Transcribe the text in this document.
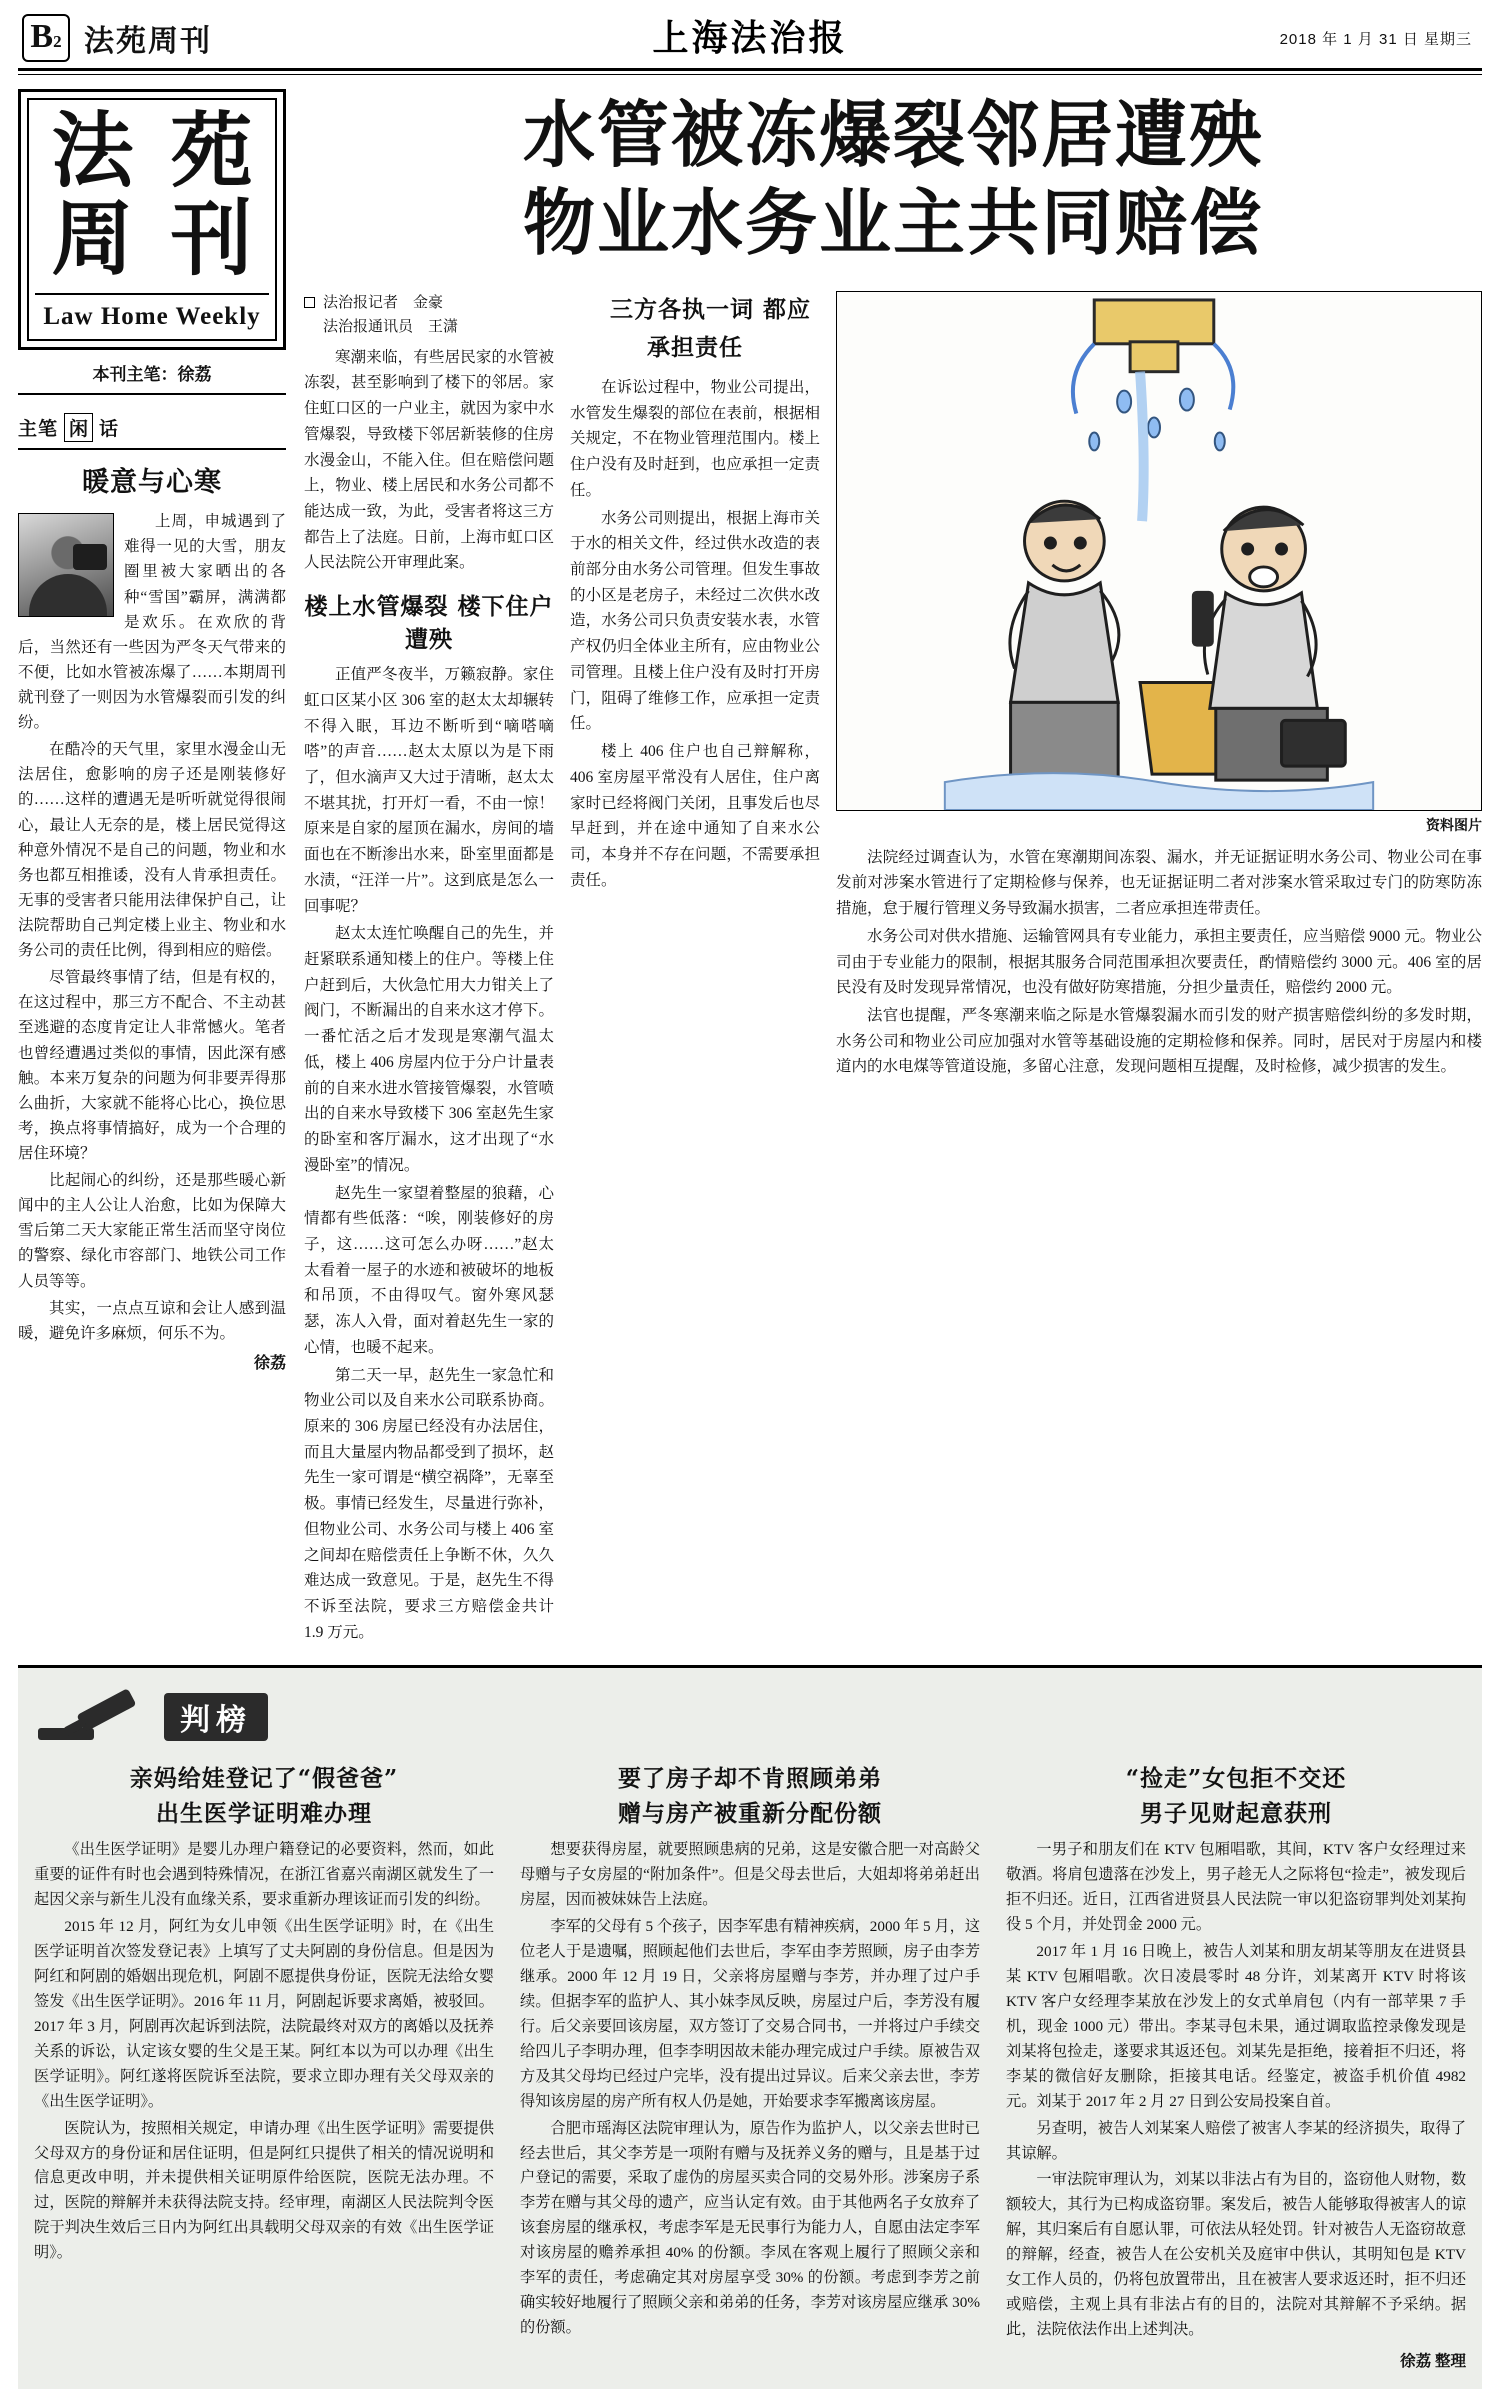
B 2 法苑周刊	上海法治报	2018 年 1 月 31 日 星期三
法 苑
周 刊
Law Home Weekly
本刊主笔：徐荔
主笔 闲 话
暖意与心寒

上周，申城遇到了难得一见的大雪，朋友圈里被大家晒出的各种“雪国”霸屏，满满都是欢乐。在欢欣的背后，当然还有一些因为严冬天气带来的不便，比如水管被冻爆了……本期周刊就刊登了一则因为水管爆裂而引发的纠纷。

在酷冷的天气里，家里水漫金山无法居住，愈影响的房子还是刚装修好的……这样的遭遇无是听听就觉得很闹心，最让人无奈的是，楼上居民觉得这种意外情况不是自己的问题，物业和水务也都互相推诿，没有人肯承担责任。无事的受害者只能用法律保护自己，让法院帮助自己判定楼上业主、物业和水务公司的责任比例，得到相应的赔偿。

尽管最终事情了结，但是有权的，在这过程中，那三方不配合、不主动甚至逃避的态度肯定让人非常憾火。笔者也曾经遭遇过类似的事情，因此深有感触。本来万复杂的问题为何非要弄得那么曲折，大家就不能将心比心，换位思考，换点将事情搞好，成为一个合理的居住环境？

比起闹心的纠纷，还是那些暖心新闻中的主人公让人治愈，比如为保障大雪后第二天大家能正常生活而坚守岗位的警察、绿化市容部门、地铁公司工作人员等等。

其实，一点点互谅和会让人感到温暖，避免许多麻烦，何乐不为。

徐荔
水管被冻爆裂邻居遭殃
物业水务业主共同赔偿
法治报记者　金豪
法治报通讯员　王潇
寒潮来临，有些居民家的水管被冻裂，甚至影响到了楼下的邻居。家住虹口区的一户业主，就因为家中水管爆裂，导致楼下邻居新装修的住房水漫金山，不能入住。但在赔偿问题上，物业、楼上居民和水务公司都不能达成一致，为此，受害者将这三方都告上了法庭。日前，上海市虹口区人民法院公开审理此案。
楼上水管爆裂 楼下住户遭殃

正值严冬夜半，万籁寂静。家住虹口区某小区 306 室的赵太太却辗转不得入眠，耳边不断听到“嘀嗒嘀嗒”的声音……赵太太原以为是下雨了，但水滴声又大过于清晰，赵太太不堪其扰，打开灯一看，不由一惊！原来是自家的屋顶在漏水，房间的墙面也在不断渗出水来，卧室里面都是水渍，“汪洋一片”。这到底是怎么一回事呢？

赵太太连忙唤醒自己的先生，并赶紧联系通知楼上的住户。等楼上住户赶到后，大伙急忙用大力钳关上了阀门，不断漏出的自来水这才停下。一番忙活之后才发现是寒潮气温太低，楼上 406 房屋内位于分户计量表前的自来水进水管接管爆裂，水管喷出的自来水导致楼下 306 室赵先生家的卧室和客厅漏水，这才出现了“水漫卧室”的情况。

赵先生一家望着整屋的狼藉，心情都有些低落：“唉，刚装修好的房子，这……这可怎么办呀……”赵太太看着一屋子的水迹和被破坏的地板和吊顶，不由得叹气。窗外寒风瑟瑟，冻人入骨，面对着赵先生一家的心情，也暖不起来。

第二天一早，赵先生一家急忙和物业公司以及自来水公司联系协商。原来的 306 房屋已经没有办法居住，而且大量屋内物品都受到了损坏，赵先生一家可谓是“横空祸降”，无辜至极。事情已经发生，尽量进行弥补，但物业公司、水务公司与楼上 406 室之间却在赔偿责任上争断不休，久久难达成一致意见。于是，赵先生不得不诉至法院，要求三方赔偿金共计 1.9 万元。

三方各执一词 都应承担责任

在诉讼过程中，物业公司提出，水管发生爆裂的部位在表前，根据相关规定，不在物业管理范围内。楼上住户没有及时赶到，也应承担一定责任。

水务公司则提出，根据上海市关于水的相关文件，经过供水改造的表前部分由水务公司管理。但发生事故的小区是老房子，未经过二次供水改造，水务公司只负责安装水表，水管产权仍归全体业主所有，应由物业公司管理。且楼上住户没有及时打开房门，阻碍了维修工作，应承担一定责任。

楼上 406 住户也自己辩解称，406 室房屋平常没有人居住，住户离家时已经将阀门关闭，且事发后也尽早赶到，并在途中通知了自来水公司，本身并不存在问题，不需要承担责任。

资料图片

法院经过调查认为，水管在寒潮期间冻裂、漏水，并无证据证明水务公司、物业公司在事发前对涉案水管进行了定期检修与保养，也无证据证明二者对涉案水管采取过专门的防寒防冻措施，怠于履行管理义务导致漏水损害，二者应承担连带责任。

水务公司对供水措施、运输管网具有专业能力，承担主要责任，应当赔偿 9000 元。物业公司由于专业能力的限制，根据其服务合同范围承担次要责任，酌情赔偿约 3000 元。406 室的居民没有及时发现异常情况，也没有做好防寒措施，分担少量责任，赔偿约 2000 元。

法官也提醒，严冬寒潮来临之际是水管爆裂漏水而引发的财产损害赔偿纠纷的多发时期，水务公司和物业公司应加强对水管等基础设施的定期检修和保养。同时，居民对于房屋内和楼道内的水电煤等管道设施，多留心注意，发现问题相互提醒，及时检修，减少损害的发生。

判榜
亲妈给娃登记了“假爸爸”
出生医学证明难办理

《出生医学证明》是婴儿办理户籍登记的必要资料，然而，如此重要的证件有时也会遇到特殊情况，在浙江省嘉兴南湖区就发生了一起因父亲与新生儿没有血缘关系，要求重新办理该证而引发的纠纷。

2015 年 12 月，阿红为女儿申领《出生医学证明》时，在《出生医学证明首次签发登记表》上填写了丈夫阿剧的身份信息。但是因为阿红和阿剧的婚姻出现危机，阿剧不愿提供身份证，医院无法给女婴签发《出生医学证明》。2016 年 11 月，阿剧起诉要求离婚，被驳回。2017 年 3 月，阿剧再次起诉到法院，法院最终对双方的离婚以及抚养关系的诉讼，认定该女婴的生父是王某。阿红本以为可以办理《出生医学证明》。阿红遂将医院诉至法院，要求立即办理有关父母双亲的《出生医学证明》。

医院认为，按照相关规定，申请办理《出生医学证明》需要提供父母双方的身份证和居住证明，但是阿红只提供了相关的情况说明和信息更改申明，并未提供相关证明原件给医院，医院无法办理。不过，医院的辩解并未获得法院支持。经审理，南湖区人民法院判令医院于判决生效后三日内为阿红出具载明父母双亲的有效《出生医学证明》。

要了房子却不肯照顾弟弟
赠与房产被重新分配份额

想要获得房屋，就要照顾患病的兄弟，这是安徽合肥一对高龄父母赠与子女房屋的“附加条件”。但是父母去世后，大姐却将弟弟赶出房屋，因而被妹妹告上法庭。

李军的父母有 5 个孩子，因李军患有精神疾病，2000 年 5 月，这位老人于是遗嘱，照顾起他们去世后，李军由李芳照顾，房子由李芳继承。2000 年 12 月 19 日，父亲将房屋赠与李芳，并办理了过户手续。但据李军的监护人、其小妹李凤反映，房屋过户后，李芳没有履行。后父亲要回该房屋，双方签订了交易合同书，一并将过户手续交给四儿子李明办理，但李李明因故未能办理完成过户手续。原被告双方及其父母均已经过户完毕，没有提出过异议。后来父亲去世，李芳得知该房屋的房产所有权人仍是她，开始要求李军搬离该房屋。

合肥市瑶海区法院审理认为，原告作为监护人，以父亲去世时已经去世后，其父李芳是一项附有赠与及抚养义务的赠与，且是基于过户登记的需要，采取了虚伪的房屋买卖合同的交易外形。涉案房子系李芳在赠与其父母的遗产，应当认定有效。由于其他两名子女放弃了该套房屋的继承权，考虑李军是无民事行为能力人，自愿由法定李军对该房屋的赡养承担 40% 的份额。李凤在客观上履行了照顾父亲和李军的责任，考虑确定其对房屋享受 30% 的份额。考虑到李芳之前确实较好地履行了照顾父亲和弟弟的任务，李芳对该房屋应继承 30% 的份额。

“捡走”女包拒不交还
男子见财起意获刑

一男子和朋友们在 KTV 包厢唱歌，其间，KTV 客户女经理过来敬酒。将肩包遗落在沙发上，男子趁无人之际将包“捡走”，被发现后拒不归还。近日，江西省进贤县人民法院一审以犯盗窃罪判处刘某拘役 5 个月，并处罚金 2000 元。

2017 年 1 月 16 日晚上，被告人刘某和朋友胡某等朋友在进贤县某 KTV 包厢唱歌。次日凌晨零时 48 分许，刘某离开 KTV 时将该 KTV 客户女经理李某放在沙发上的女式单肩包（内有一部苹果 7 手机，现金 1000 元）带出。李某寻包未果，通过调取监控录像发现是刘某将包捡走，遂要求其返还包。刘某先是拒绝，接着拒不归还，将李某的微信好友删除，拒接其电话。经鉴定，被盗手机价值 4982 元。刘某于 2017 年 2 月 27 日到公安局投案自首。

另查明，被告人刘某案人赔偿了被害人李某的经济损失，取得了其谅解。

一审法院审理认为，刘某以非法占有为目的，盗窃他人财物，数额较大，其行为已构成盗窃罪。案发后，被告人能够取得被害人的谅解，其归案后有自愿认罪，可依法从轻处罚。针对被告人无盗窃故意的辩解，经查，被告人在公安机关及庭审中供认，其明知包是 KTV 女工作人员的，仍将包放置带出，且在被害人要求返还时，拒不归还或赔偿，主观上具有非法占有的目的，法院对其辩解不予采纳。据此，法院依法作出上述判决。

徐荔 整理
